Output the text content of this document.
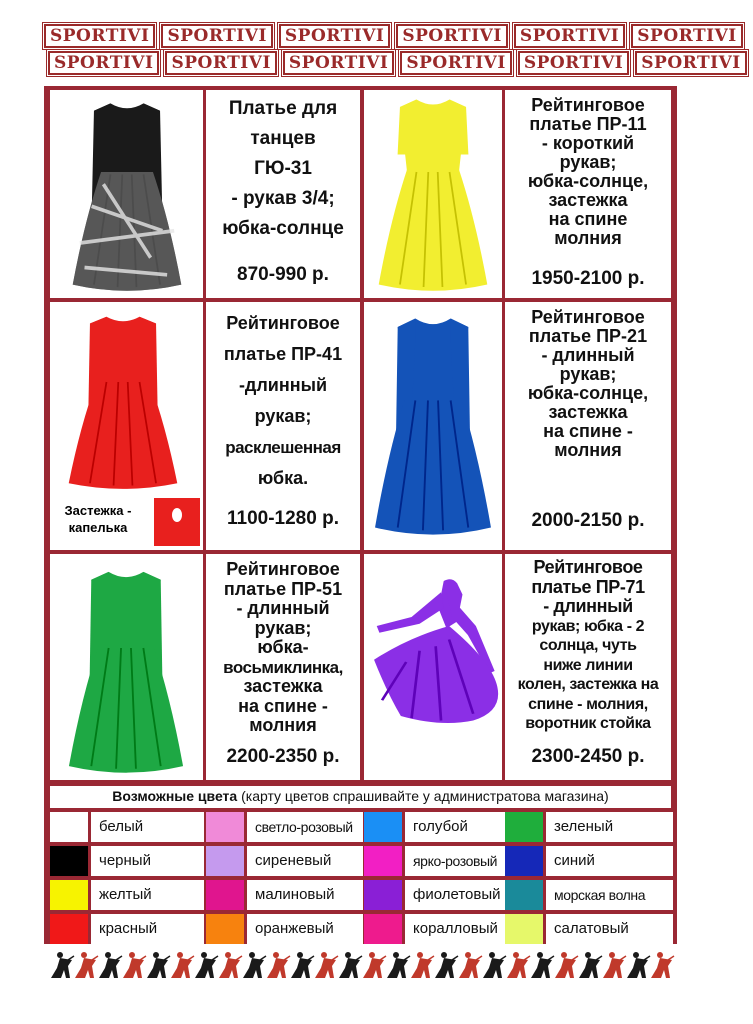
SPORTIVI SPORTIVI SPORTIVI SPORTIVI SPORTIVI SPORTIVI
SPORTIVI SPORTIVI SPORTIVI SPORTIVI SPORTIVI SPORTIVI
Платье для
танцев
ГЮ-31
- рукав 3/4;
юбка-солнце
870-990 р.
Рейтинговое
платье ПР-11
- короткий
рукав;
юбка-солнце,
застежка
на спине
молния
1950-2100 р.
Застежка - капелька
Рейтинговое
платье ПР-41
-длинный
рукав;
расклешенная
юбка.
1100-1280 р.
Рейтинговое
платье ПР-21
- длинный
рукав;
юбка-солнце,
застежка
на спине -
молния
2000-2150 р.
Рейтинговое
платье ПР-51
- длинный
рукав;
юбка-
восьмиклинка,
застежка
на спине -
молния
2200-2350 р.
Рейтинговое
платье ПР-71
- длинный
рукав; юбка - 2
солнца, чуть
ниже линии
колен, застежка на
спине - молния,
воротник стойка
2300-2450 р.
Возможные цвета (карту цветов спрашивайте у администратова магазина)
белый	светло-розовый	голубой	зеленый
черный	сиреневый	ярко-розовый	синий
желтый	малиновый	фиолетовый	морская волна
красный	оранжевый	коралловый	салатовый
